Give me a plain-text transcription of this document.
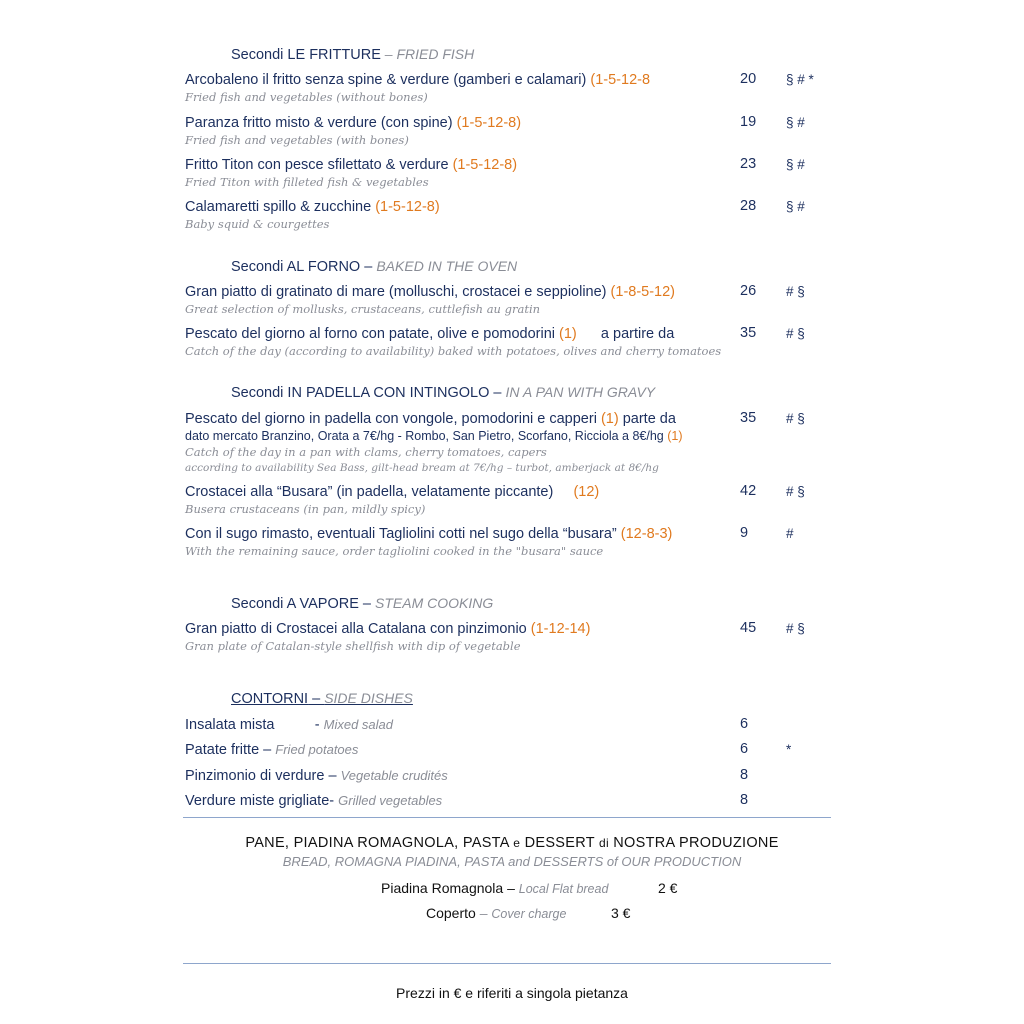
Secondi LE FRITTURE – FRIED FISH
Arcobaleno il fritto senza spine & verdure (gamberi e calamari) (1-5-12-8
Fried fish and vegetables (without bones)
20 § # *
Paranza fritto misto & verdure (con spine) (1-5-12-8)
Fried fish and vegetables (with bones)
19 § #
Fritto Titon con pesce sfilettato & verdure (1-5-12-8)
Fried Titon with filleted fish & vegetables
23 § #
Calamaretti spillo & zucchine (1-5-12-8)
Baby squid & courgettes
28 § #
Secondi AL FORNO – BAKED IN THE OVEN
Gran piatto di gratinato di mare (molluschi, crostacei e seppioline) (1-8-5-12)
Great selection of mollusks, crustaceans, cuttlefish au gratin
26 # §
Pescato del giorno al forno con patate, olive e pomodorini (1)      a partire da
Catch of the day (according to availability) baked with potatoes, olives and cherry tomatoes
35 # §
Secondi IN PADELLA CON INTINGOLO – IN A PAN WITH GRAVY
Pescato del giorno in padella con vongole, pomodorini e capperi (1) parte da
dato mercato Branzino, Orata a 7€/hg - Rombo, San Pietro, Scorfano, Ricciola a 8€/hg (1)
Catch of the day in a pan with clams, cherry tomatoes, capers
according to availability Sea Bass, gilt-head bream at 7€/hg – turbot, amberjack at 8€/hg
35 # §
Crostacei alla “Busara” (in padella, velatamente piccante)     (12)
Busera crustaceans (in pan, mildly spicy)
42 # §
Con il sugo rimasto, eventuali Tagliolini cotti nel sugo della “busara” (12-8-3)
With the remaining sauce, order tagliolini cooked in the "busara" sauce
9	#
Secondi A VAPORE – STEAM COOKING
Gran piatto di Crostacei alla Catalana con pinzimonio (1-12-14)
Gran plate of Catalan-style shellfish with dip of vegetable
45 # §
CONTORNI – SIDE DISHES
Insalata mista          - Mixed salad	6
Patate fritte – Fried potatoes	6	*
Pinzimonio di verdure – Vegetable crudités	8
Verdure miste grigliate- Grilled vegetables	8
PANE, PIADINA ROMAGNOLA, PASTA e DESSERT di NOSTRA PRODUZIONE
BREAD, ROMAGNA PIADINA, PASTA and DESSERTS of OUR PRODUCTION
Piadina Romagnola – Local Flat bread	2 €
Coperto – Cover charge	3 €
Prezzi in € e riferiti a singola pietanza
